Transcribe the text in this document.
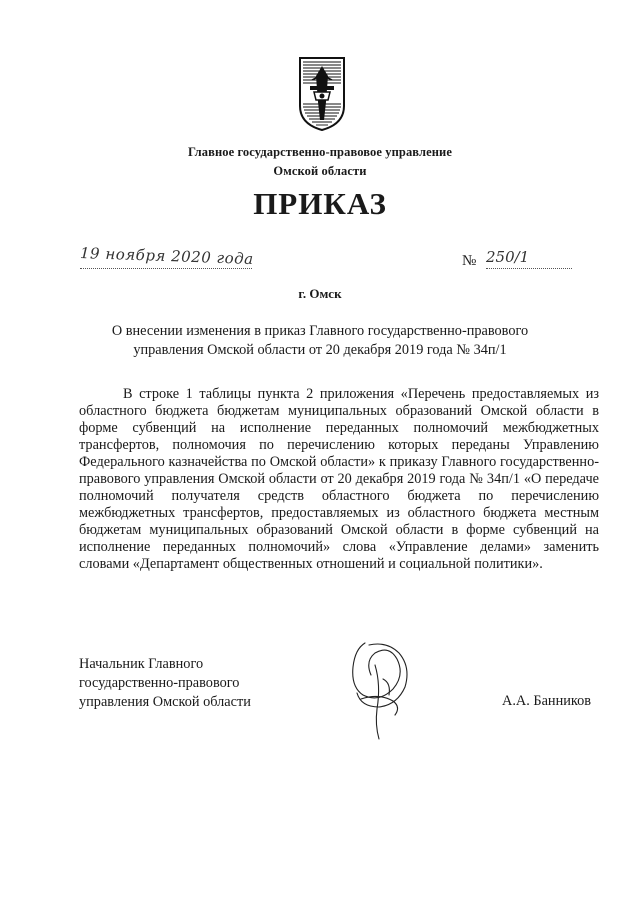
Главное государственно-правовое управление
Омской области
ПРИКАЗ
19 ноября 2020 года	№ 250/1
г. Омск
О внесении изменения в приказ Главного государственно-правового
управления Омской области от 20 декабря 2019 года № 34п/1

В строке 1 таблицы пункта 2 приложения «Перечень предоставляемых из областного бюджета бюджетам муниципальных образований Омской области в форме субвенций на исполнение переданных полномочий межбюджетных трансфертов, полномочия по перечислению которых переданы Управлению Федерального казначейства по Омской области» к приказу Главного государственно-правового управления Омской области от 20 декабря 2019 года № 34п/1 «О передаче полномочий получателя средств областного бюджета по перечислению межбюджетных трансфертов, предоставляемых из областного бюджета местным бюджетам муниципальных образований Омской области в форме субвенций на исполнение переданных полномочий» слова «Управление делами» заменить словами «Департамент общественных отношений и социальной политики».

Начальник Главного
государственно-правового
управления Омской области	А.А. Банников
